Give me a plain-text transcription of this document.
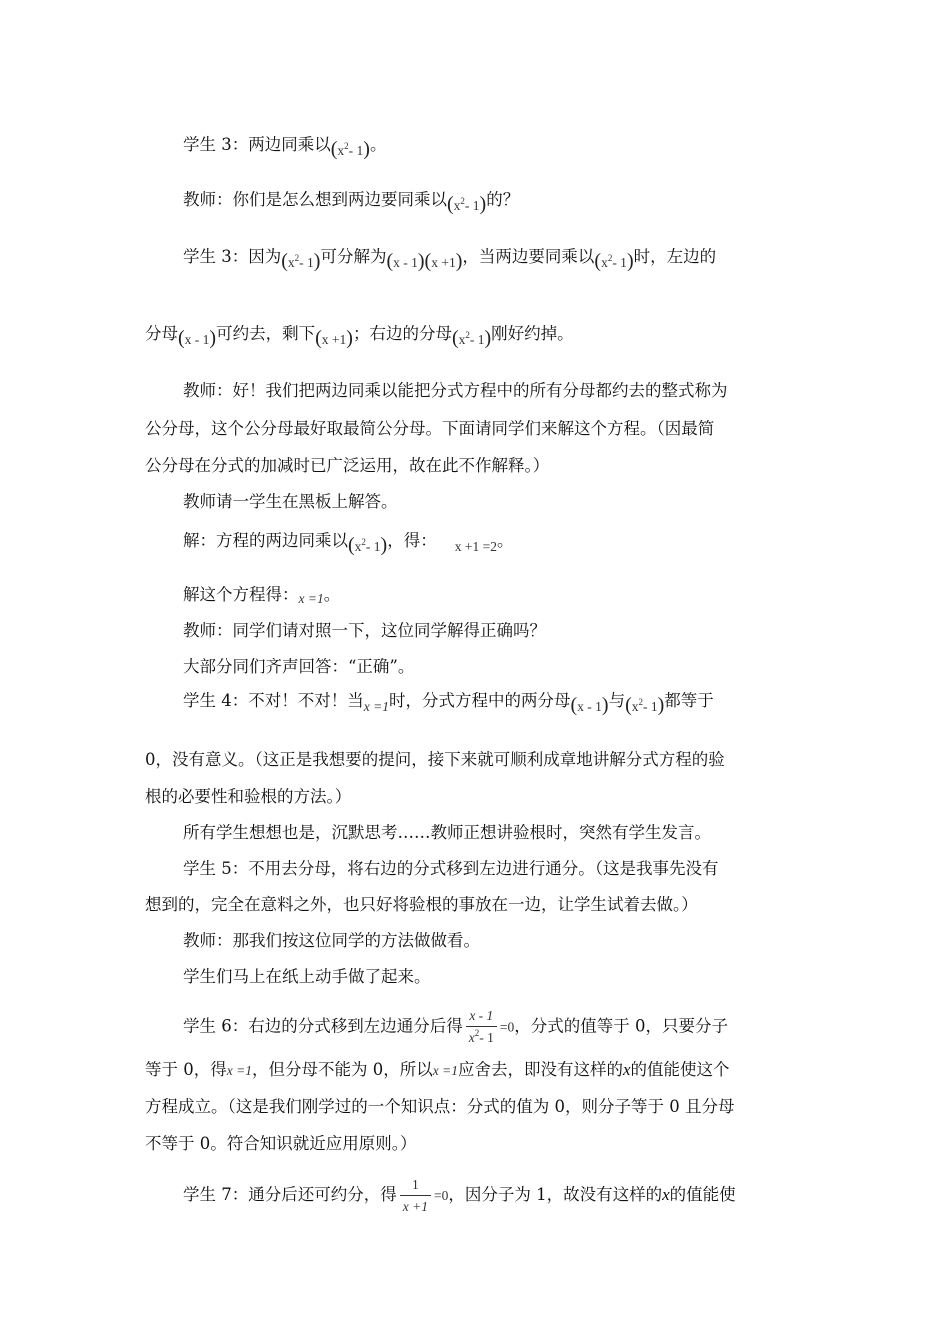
学生 3：两边同乘以($x^2-$ 1)。
教师：你们是怎么想到两边要同乘以($x^2-$ 1)的？
学生 3：因为($x^2-$ 1)可分解为(x - 1)(x +1)，当两边要同乘以($x^2-$ 1)时，左边的
分母(x - 1)可约去，剩下(x +1)；右边的分母($x^2-$ 1)刚好约掉。
教师：好！我们把两边同乘以能把分式方程中的所有分母都约去的整式称为
公分母，这个公分母最好取最简公分母。下面请同学们来解这个方程。（因最简
公分母在分式的加减时已广泛运用，故在此不作解释。）
教师请一学生在黑板上解答。
解：方程的两边同乘以($x^2-$ 1)，得： $_{x +1 =2}$。
解这个方程得：x =1。
教师：同学们请对照一下，这位同学解得正确吗？
大部分同们齐声回答：“正确”。
学生 4：不对！不对！当$_{x =1}$时，分式方程中的两分母(x - 1)与($x^2-$ 1)都等于
0，没有意义。（这正是我想要的提问，接下来就可顺利成章地讲解分式方程的验
根的必要性和验根的方法。）
所有学生想想也是，沉默思考……教师正想讲验根时，突然有学生发言。
学生 5：不用去分母，将右边的分式移到左边进行通分。（这是我事先没有
想到的，完全在意料之外，也只好将验根的事放在一边，让学生试着去做。）
教师：那我们按这位同学的方法做做看。
学生们马上在纸上动手做了起来。
学生 6：右边的分式移到左边通分后得 $\frac{x - 1}{x^2- 1} =0$，分式的值等于 0，只要分子
等于 0，得x =1，但分母不能为 0，所以x =1应舍去，即没有这样的x的值能使这个
方程成立。（这是我们刚学过的一个知识点：分式的值为 0，则分子等于 0 且分母
不等于 0。符合知识就近应用原则。）
学生 7：通分后还可约分，得 $\frac{1}{x +1} =0$，因分子为 1，故没有这样的x的值能使
